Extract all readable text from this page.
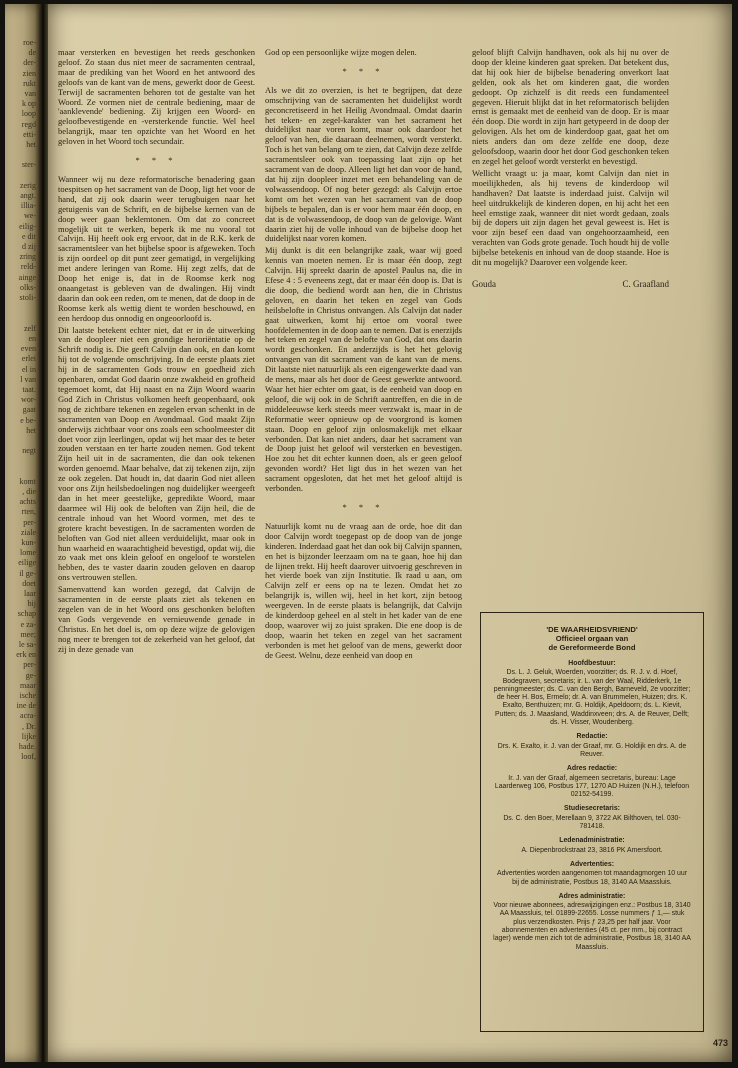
roe-
de
der-
zien
rukt
van
k op
loop
regd
etti-
het

ster-

zerig
angt.
illia-
we-
eilig-
e dit
d zij
zring
reld-
ainge
olks-
stoli-

zelf
en
even
erlei
el in
l van
taat.
wor-
gaat
e be-
het

negt

komt
, die
achts
rten,
per-
ziale
kun-
lome
eilige
il ge-
doet
laar
bij
schap
e za-
mee;
le sa-
erk en
per-
ge-
maar
ische
ine de
acra-
, Dr.
lijke
hade.
loof,
maar versterken en bevestigen het reeds geschonken geloof. Zo staan dus niet meer de sacramenten centraal, maar de prediking van het Woord en het antwoord des geloofs van de kant van de mens, gewerkt door de Geest. Terwijl de sacramenten behoren tot de gestalte van het Woord. Ze vormen niet de centrale bediening, maar de 'aanklevende' bediening. Zij krijgen een Woord- en geloofbevestigende en -versterkende functie. Wel heel belangrijk, maar ten opzichte van het Woord en het geloven in het Woord toch secundair.
* * *
Wanneer wij nu deze reformatorische benadering gaan toespitsen op het sacrament van de Doop, ligt het voor de hand, dat zij ook daarin weer terugbuigen naar het getuigenis van de Schrift, en de bijbelse kernen van de doop weer gaan beklemtonen. Om dat zo concreet mogelijk uit te werken, beperk ik me nu vooral tot Calvijn. Hij heeft ook erg ervoor, dat in de R.K. kerk de sacramentsleer van het bijbelse spoor is afgeweken. Toch is zijn oordeel op dit punt zeer gematigd, in vergelijking met andere leringen van Rome. Hij zegt zelfs, dat de Doop het enige is, dat in de Roomse kerk nog onaangetast is gebleven van de dwalingen. Hij vindt daarin dan ook een reden, om te menen, dat de doop in de Roomse kerk als wettig dient te worden beschouwd, en een herdoop dus onnodig en ongeoorloofd is.
Dit laatste betekent echter niet, dat er in de uitwerking van de doopleer niet een grondige heroriëntatie op de Schrift nodig is. Die geeft Calvijn dan ook, en dan komt hij tot de volgende omschrijving. In de eerste plaats ziet hij in de sacramenten Gods trouw en goedheid zich openbaren, omdat God daarin onze zwakheid en grofheid tegemoet komt, dat Hij naast en na Zijn Woord waarin God Zich in Christus volkomen heeft geopenbaard, ook nog de zichtbare tekenen en zegelen ervan schenkt in de sacramenten van Doop en Avondmaal. God maakt Zijn onderwijs zichtbaar voor ons zoals een schoolmeester dit doet voor zijn leerlingen, opdat wij het maar des te beter zouden verstaan en ter harte zouden nemen. God tekent Zijn heil uit in de sacramenten, die dan ook tekenen worden genoemd. Maar behalve, dat zij tekenen zijn, zijn ze ook zegelen. Dat houdt in, dat daarin God niet alleen voor ons Zijn heilsbedoelingen nog duidelijker weergeeft dan in het meer geestelijke, gepredikte Woord, maar daarmee wil Hij ook de beloften van Zijn heil, die de centrale inhoud van het Woord vormen, met des te grotere kracht bevestigen. In de sacramenten worden de beloften van God niet alleen verduidelijkt, maar ook in hun waarheid en waarachtigheid bevestigd, opdat wij, die zo vaak met ons klein geloof en ongeloof te worstelen hebben, des te vaster daarin zouden geloven en daarop ons vertrouwen stellen.
Samenvattend kan worden gezegd, dat Calvijn de sacramenten in de eerste plaats ziet als tekenen en zegelen van de in het Woord ons geschonken beloften van Gods vergevende en vernieuwende genade in Christus. En het doel is, om op deze wijze de gelovigen nog meer te brengen tot de zekerheid van het geloof, dat zij in deze genade van
God op een persoonlijke wijze mogen delen.
* * *
Als we dit zo overzien, is het te begrijpen, dat deze omschrijving van de sacramenten het duidelijkst wordt geconcretiseerd in het Heilig Avondmaal. Omdat daarin het teken- en zegel-karakter van het sacrament het duidelijkst naar voren komt, maar ook daardoor het geloof van hen, die daaraan deelnemen, wordt versterkt. Toch is het van belang om te zien, dat Calvijn deze zelfde sacramentsleer ook van toepassing laat zijn op het sacrament van de doop. Alleen ligt het dan voor de hand, dat hij zijn doopleer inzet met een behandeling van de volwassendoop. Of nog beter gezegd: als Calvijn ertoe komt om het wezen van het sacrament van de doop bijbels te bepalen, dan is er voor hem maar één doop, en dat is de volwassendoop, de doop van de gelovige. Want daarin ziet hij de volle inhoud van de bijbelse doop het duidelijkst naar voren komen.
Mij dunkt is dit een belangrijke zaak, waar wij goed kennis van moeten nemen. Er is maar één doop, zegt Calvijn. Hij spreekt daarin de apostel Paulus na, die in Efese 4 : 5 eveneens zegt, dat er maar één doop is. Dat is die doop, die bediend wordt aan hen, die in Christus geloven, en daarin het teken en zegel van Gods heilsbelofte in Christus ontvangen. Als Calvijn dat nader gaat uitwerken, komt hij ertoe om vooral twee hoofdelementen in de doop aan te nemen. Dat is enerzijds het teken en zegel van de belofte van God, dat ons daarin wordt geschonken. En anderzijds is het het gelovig ontvangen van dit sacrament van de kant van de mens. Dit laatste niet natuurlijk als een eigengewerkte daad van de mens, maar als het door de Geest gewerkte antwoord. Waar het hier echter om gaat, is de eenheid van doop en geloof, die wij ook in de Schrift aantreffen, en die in de middeleeuwse kerk steeds meer verzwakt is, maar in de Reformatie weer opnieuw op de voorgrond is komen staan. Doop en geloof zijn onlosmakelijk met elkaar verbonden. Dat kan niet anders, daar het sacrament van de Doop juist het geloof wil versterken en bevestigen. Hoe zou het dit echter kunnen doen, als er geen geloof gevonden wordt? Het ligt dus in het wezen van het sacrament opgesloten, dat het met het geloof altijd is verbonden.
* * *
Natuurlijk komt nu de vraag aan de orde, hoe dit dan door Calvijn wordt toegepast op de doop van de jonge kinderen. Inderdaad gaat het dan ook bij Calvijn spannen, en het is bijzonder leerzaam om na te gaan, hoe hij dan de lijnen trekt. Hij heeft daarover uitvoerig geschreven in het vierde boek van zijn Institutie. Ik raad u aan, om Calvijn zelf er eens op na te lezen. Omdat het zo belangrijk is, willen wij, heel in het kort, zijn betoog weergeven. In de eerste plaats is belangrijk, dat Calvijn de kinderdoop geheel en al stelt in het kader van de ene doop, waarover wij zo juist spraken. Die ene doop is de doop, waarin het teken en zegel van het sacrament verbonden is met het geloof van de mens, gewerkt door de Geest. Welnu, deze eenheid van doop en
geloof blijft Calvijn handhaven, ook als hij nu over de doop der kleine kinderen gaat spreken. Dat betekent dus, dat hij ook hier de bijbelse benadering onverkort laat gelden, ook als het om kinderen gaat, die worden gedoopt. Op zichzelf is dit reeds een fundamenteel gegeven. Hieruit blijkt dat in het reformatorisch belijden ernst is gemaakt met de eenheid van de doop. Er is maar één doop. Die wordt in zijn hart getypeerd in de doop der gelovigen. Als het om de kinderdoop gaat, gaat het om niets anders dan om deze zelfde ene doop, deze geloofsdoop, waarin door het door God geschonken teken en zegel het geloof wordt versterkt en bevestigd.
Wellicht vraagt u: ja maar, komt Calvijn dan niet in moeilijkheden, als hij tevens de kinderdoop wil handhaven? Dat laatste is inderdaad juist. Calvijn wil heel uitdrukkelijk de kinderen dopen, en hij acht het een heel ernstige zaak, wanneer dit niet wordt gedaan, zoals bij de dopers uit zijn dagen het geval geweest is. Het is voor zijn besef een daad van ongehoorzaamheid, een verachten van Gods grote genade. Toch houdt hij de volle bijbelse betekenis en inhoud van de doop staande. Hoe is dit nu mogelijk? Daarover een volgende keer.
Gouda	C. Graafland
'DE WAARHEIDSVRIEND'
Officieel orgaan van
de Gereformeerde Bond
Hoofdbestuur:
Ds. L. J. Geluk, Woerden, voorzitter; ds. R. J. v. d. Hoef, Bodegraven, secretaris; ir. L. van der Waal, Ridderkerk, 1e penningmeester; ds. C. van den Bergh, Barneveld, 2e voorzitter; de heer H. Bos, Ermelo; dr. A. van Brummelen, Huizen; drs. K. Exalto, Benthuizen; mr. G. Holdijk, Apeldoorn; ds. L. Kievit, Putten; ds. J. Maasland, Waddinxveen; drs. A. de Reuver, Delft; ds. H. Visser, Woudenberg.
Redactie:
Drs. K. Exalto, ir. J. van der Graaf, mr. G. Holdijk en drs. A. de Reuver.
Adres redactie:
Ir. J. van der Graaf, algemeen secretaris, bureau: Lage Laarderweg 106, Postbus 177, 1270 AD Huizen (N.H.), telefoon 02152-54199.
Studiesecretaris:
Ds. C. den Boer, Merellaan 9, 3722 AK Bilthoven, tel. 030-781418.
Ledenadministratie:
A. Diepenbrockstraat 23, 3816 PK Amersfoort.
Advertenties:
Advertenties worden aangenomen tot maandagmorgen 10 uur bij de administratie, Postbus 18, 3140 AA Maassluis.
Adres administratie:
Voor nieuwe abonnees, adreswijzigingen enz.: Postbus 18, 3140 AA Maassluis, tel. 01899-22655. Losse nummers ƒ 1,— stuk plus verzendkosten. Prijs ƒ 23,25 per half jaar. Voor abonnementen en advertenties (45 ct. per mm., bij contract lager) wende men zich tot de administratie, Postbus 18, 3140 AA Maassluis.
473
